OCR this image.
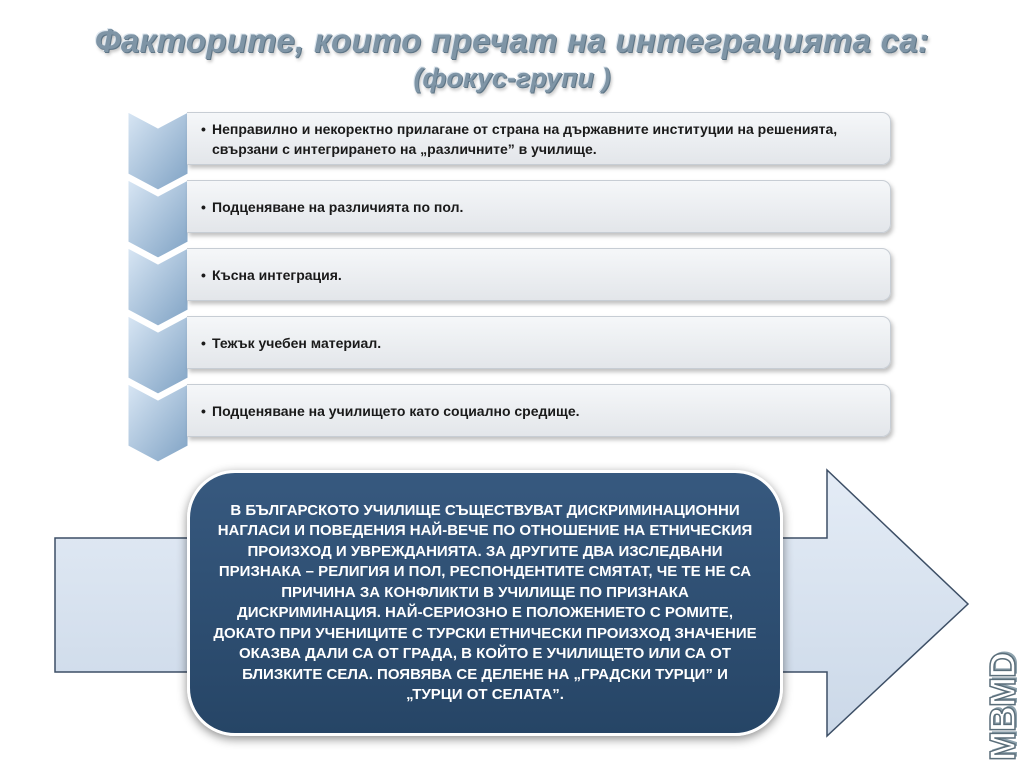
Факторите, които пречат на интеграцията са:
(фокус-групи )
• Неправилно и некоректно прилагане от страна на държавните институции на решенията, свързани с интегрирането на „различните” в училище.
• Подценяване на различията по пол.
• Късна интеграция.
• Тежък учебен материал.
• Подценяване на училището като социално средище.
В БЪЛГАРСКОТО УЧИЛИЩЕ СЪЩЕСТВУВАТ ДИСКРИМИНАЦИОННИ НАГЛАСИ И ПОВЕДЕНИЯ НАЙ-ВЕЧЕ ПО ОТНОШЕНИЕ НА ЕТНИЧЕСКИЯ ПРОИЗХОД И УВРЕЖДАНИЯТА. ЗА ДРУГИТЕ ДВА ИЗСЛЕДВАНИ ПРИЗНАКА – РЕЛИГИЯ И ПОЛ, РЕСПОНДЕНТИТЕ СМЯТАТ, ЧЕ ТЕ НЕ СА ПРИЧИНА ЗА КОНФЛИКТИ В УЧИЛИЩЕ ПО ПРИЗНАКА ДИСКРИМИНАЦИЯ. НАЙ-СЕРИОЗНО Е ПОЛОЖЕНИЕТО С РОМИТЕ, ДОКАТО ПРИ УЧЕНИЦИТЕ С ТУРСКИ ЕТНИЧЕСКИ ПРОИЗХОД ЗНАЧЕНИЕ ОКАЗВА ДАЛИ СА ОТ ГРАДА, В КОЙТО Е УЧИЛИЩЕТО ИЛИ СА ОТ БЛИЗКИТЕ СЕЛА. ПОЯВЯВА СЕ ДЕЛЕНЕ НА „ГРАДСКИ ТУРЦИ” И „ТУРЦИ ОТ СЕЛАТА”.	MBMD
